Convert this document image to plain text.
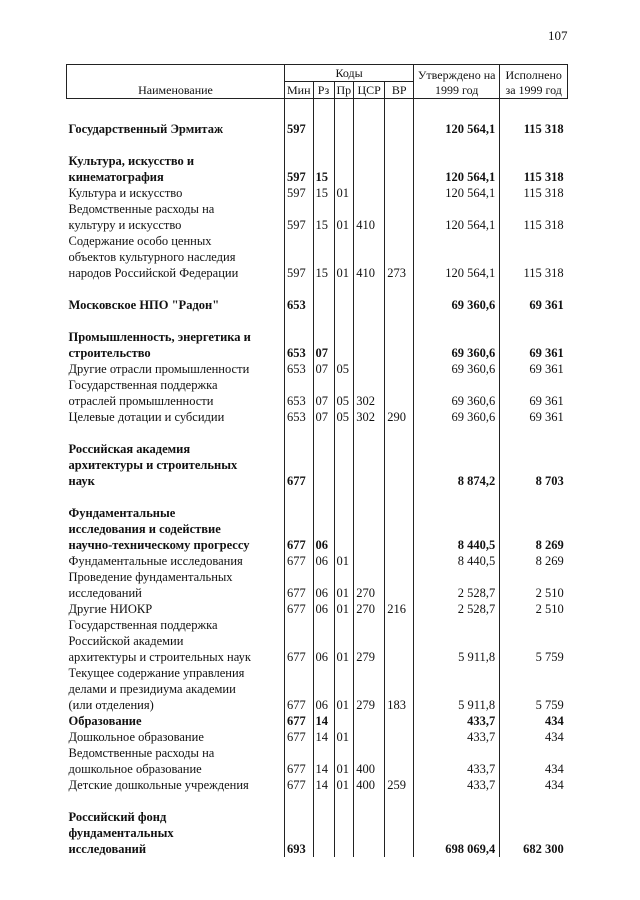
107
Наименование	Коды					Утверждено на 1999 год	Исполнено за 1999 год
	Мин	Рз	Пр	ЦСР	ВР		

Государственный Эрмитаж	597					120 564,1	115 318

Культура, искусство и
кинематография	597	15				120 564,1	115 318

Культура и искусство	597	15	01			120 564,1	115 318

Ведомственные расходы на
культуру и искусство	597	15	01	410		120 564,1	115 318

Содержание особо ценных
объектов культурного наследия
народов Российской Федерации	597	15	01	410	273	120 564,1	115 318

Московское НПО "Радон"	653					69 360,6	69 361

Промышленность, энергетика и
строительство	653	07				69 360,6	69 361

Другие отрасли промышленности	653	07	05			69 360,6	69 361

Государственная поддержка
отраслей промышленности	653	07	05	302		69 360,6	69 361

Целевые дотации и субсидии	653	07	05	302	290	69 360,6	69 361

Российская академия
архитектуры и строительных
наук	677					8 874,2	8 703

Фундаментальные
исследования и содействие
научно-техническому прогрессу	677	06				8 440,5	8 269

Фундаментальные исследования	677	06	01			8 440,5	8 269

Проведение фундаментальных
исследований	677	06	01	270		2 528,7	2 510

Другие НИОКР	677	06	01	270	216	2 528,7	2 510

Государственная поддержка
Российской академии
архитектуры и строительных наук	677	06	01	279		5 911,8	5 759

Текущее содержание управления
делами и президиума академии
(или отделения)	677	06	01	279	183	5 911,8	5 759

Образование	677	14				433,7	434

Дошкольное образование	677	14	01			433,7	434

Ведомственные расходы на
дошкольное образование	677	14	01	400		433,7	434

Детские дошкольные учреждения	677	14	01	400	259	433,7	434

Российский фонд
фундаментальных
исследований	693					698 069,4	682 300
